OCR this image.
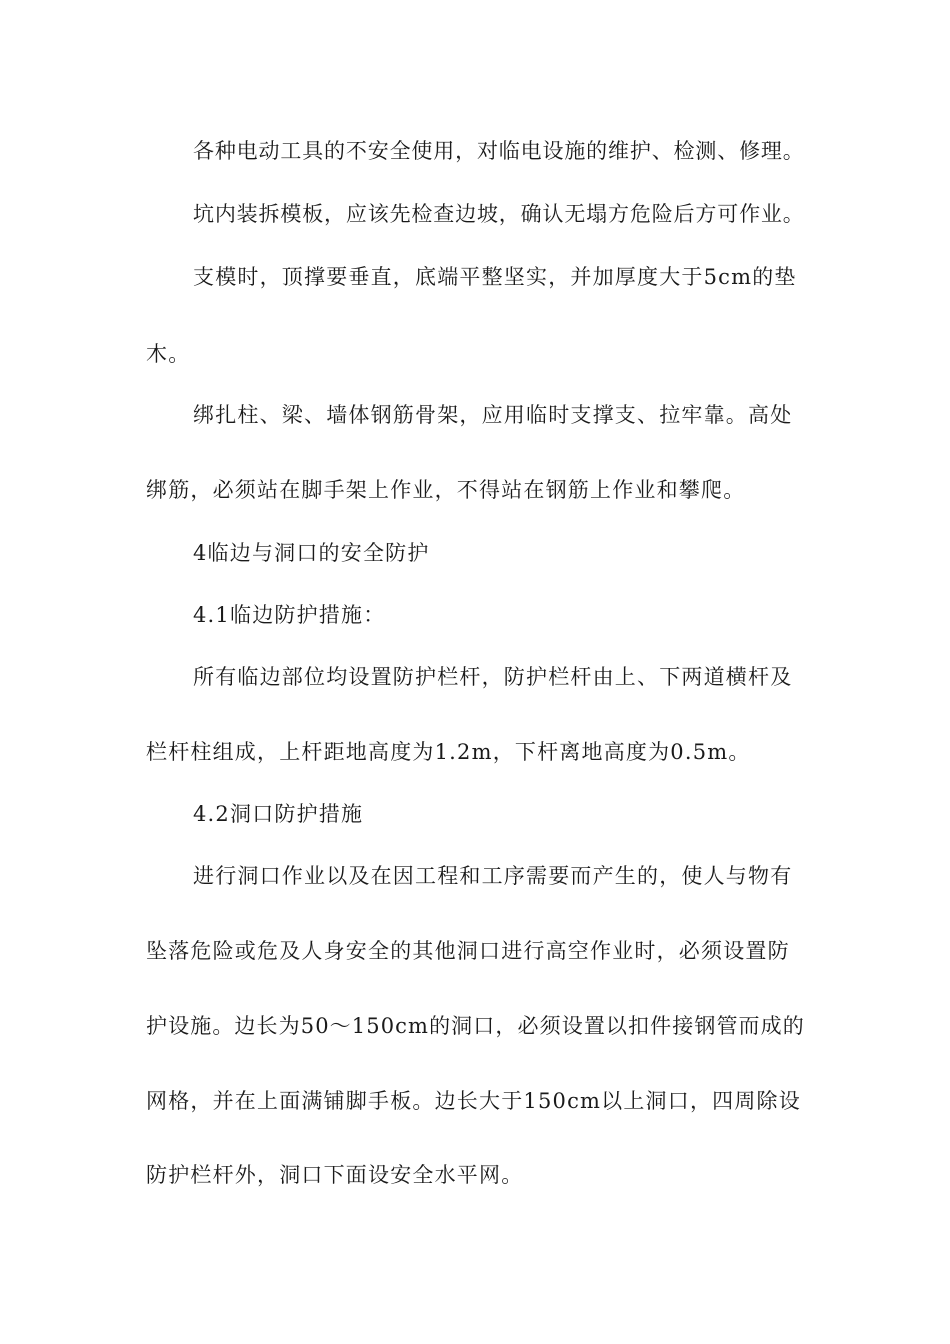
各种电动工具的不安全使用，对临电设施的维护、检测、修理。
坑内装拆模板，应该先检查边坡，确认无塌方危险后方可作业。
支模时，顶撑要垂直，底端平整坚实，并加厚度大于5cm的垫
木。
绑扎柱、梁、墙体钢筋骨架，应用临时支撑支、拉牢靠。高处
绑筋，必须站在脚手架上作业，不得站在钢筋上作业和攀爬。
4临边与洞口的安全防护
4.1临边防护措施：
所有临边部位均设置防护栏杆，防护栏杆由上、下两道横杆及
栏杆柱组成，上杆距地高度为1.2m，下杆离地高度为0.5m。
4.2洞口防护措施
进行洞口作业以及在因工程和工序需要而产生的，使人与物有
坠落危险或危及人身安全的其他洞口进行高空作业时，必须设置防
护设施。边长为50～150cm的洞口，必须设置以扣件接钢管而成的
网格，并在上面满铺脚手板。边长大于150cm以上洞口，四周除设
防护栏杆外，洞口下面设安全水平网。
